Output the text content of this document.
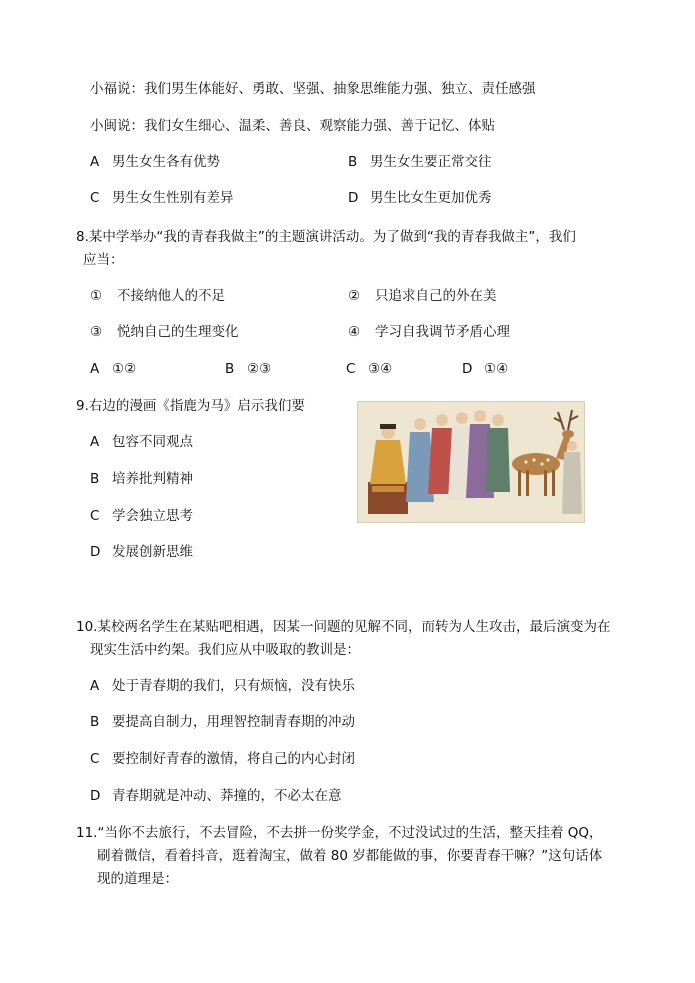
小福说：我们男生体能好、勇敢、坚强、抽象思维能力强、独立、责任感强
小闽说：我们女生细心、温柔、善良、观察能力强、善于记忆、体贴
A 男生女生各有优势	B 男生女生要正常交往
C 男生女生性别有差异	D 男生比女生更加优秀
8.某中学举办“我的青春我做主”的主题演讲活动。为了做到“我的青春我做主”，我们
应当：
① 不接纳他人的不足	② 只追求自己的外在美
③ 悦纳自己的生理变化	④ 学习自我调节矛盾心理
A ①②	B ②③	C ③④	D ①④
9.右边的漫画《指鹿为马》启示我们要
A 包容不同观点
B 培养批判精神
C 学会独立思考
D 发展创新思维
10.某校两名学生在某贴吧相遇，因某一问题的见解不同，而转为人生攻击，最后演变为在
现实生活中约架。我们应从中吸取的教训是：
A 处于青春期的我们，只有烦恼，没有快乐
B 要提高自制力，用理智控制青春期的冲动
C 要控制好青春的激情，将自己的内心封闭
D 青春期就是冲动、莽撞的，不必太在意
11.“当你不去旅行，不去冒险，不去拼一份奖学金，不过没试过的生活，整天挂着 QQ，
刷着微信，看着抖音，逛着淘宝，做着 80 岁都能做的事，你要青春干嘛？”这句话体
现的道理是：
